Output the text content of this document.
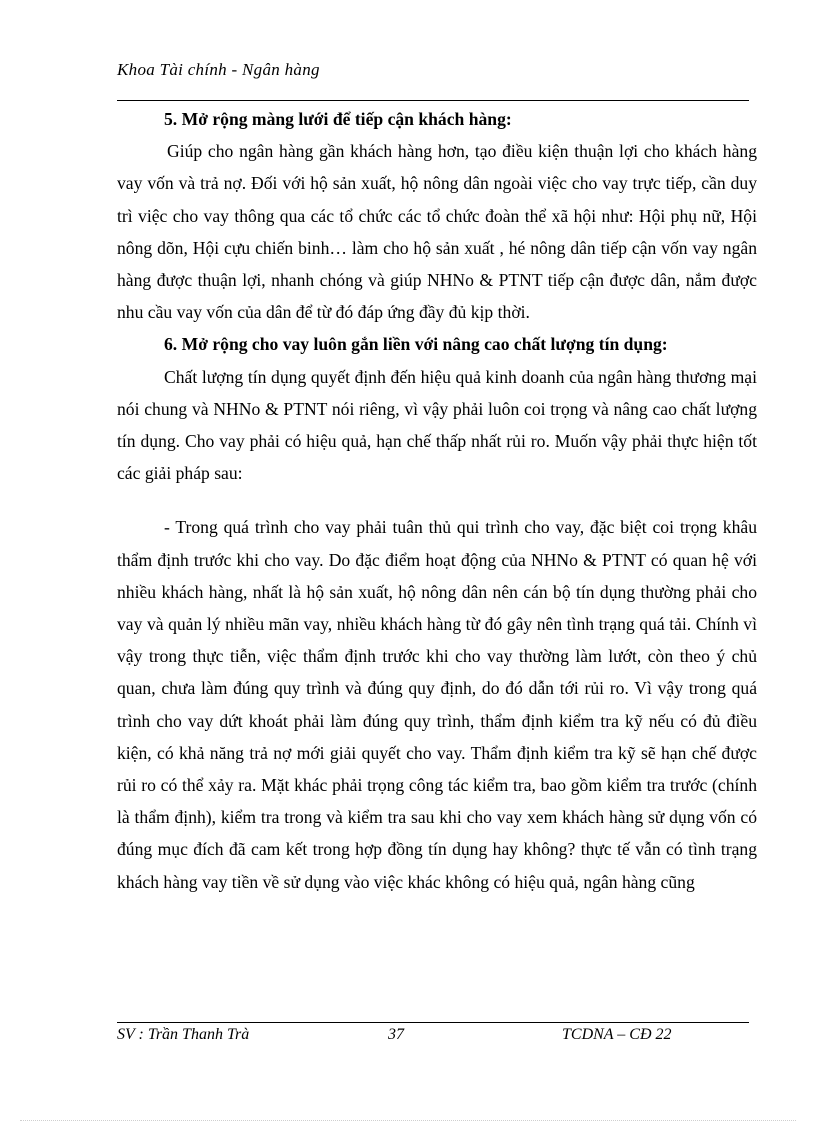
Khoa Tài chính - Ngân hàng

5. Mở rộng màng lưới để tiếp cận khách hàng:

Giúp cho ngân hàng gần khách hàng hơn, tạo điều kiện thuận lợi cho khách hàng vay vốn và trả nợ. Đối với hộ sản xuất, hộ nông dân ngoài việc cho vay trực tiếp, cần duy trì việc cho vay thông qua các tổ chức các tổ chức đoàn thể xã hội như: Hội phụ nữ, Hội nông dõn, Hội cựu chiến binh… làm cho hộ sản xuất , hé nông dân tiếp cận vốn vay ngân hàng được thuận lợi, nhanh chóng và giúp NHNo & PTNT tiếp cận được dân, nắm được nhu cầu vay vốn của dân để từ đó đáp ứng đầy đủ kịp thời.

6. Mở rộng cho vay luôn gắn liền với nâng cao chất lượng tín dụng:

Chất lượng tín dụng quyết định đến hiệu quả kinh doanh của ngân hàng thương mại nói chung và NHNo & PTNT nói riêng, vì vậy phải luôn coi trọng và nâng cao chất lượng tín dụng. Cho vay phải có hiệu quả, hạn chế thấp nhất rủi ro. Muốn vậy phải thực hiện tốt các giải pháp sau:

- Trong quá trình cho vay phải tuân thủ qui trình cho vay, đặc biệt coi trọng khâu thẩm định trước khi cho vay. Do đặc điểm hoạt động của NHNo & PTNT có quan hệ với nhiều khách hàng, nhất là hộ sản xuất, hộ nông dân nên cán bộ tín dụng thường phải cho vay và quản lý nhiều mãn vay, nhiều khách hàng từ đó gây nên tình trạng quá tải. Chính vì vậy trong thực tiễn, việc thẩm định trước khi cho vay thường làm lướt, còn theo ý chủ quan, chưa làm đúng quy trình và đúng quy định, do đó dẫn tới rủi ro. Vì vậy trong quá trình cho vay dứt khoát phải làm đúng quy trình, thẩm định kiểm tra kỹ nếu có đủ điều kiện, có khả năng trả nợ mới giải quyết cho vay. Thẩm định kiểm tra kỹ sẽ hạn chế được rủi ro có thể xảy ra. Mặt khác phải trọng công tác kiểm tra, bao gồm kiểm tra trước (chính là thẩm định), kiểm tra trong và kiểm tra sau khi cho vay xem khách hàng sử dụng vốn có đúng mục đích đã cam kết trong hợp đồng tín dụng hay không? thực tế vẫn có tình trạng khách hàng vay tiền về sử dụng vào việc khác không có hiệu quả, ngân hàng cũng

SV : Trần Thanh Trà	37	TCDNA – CĐ 22
